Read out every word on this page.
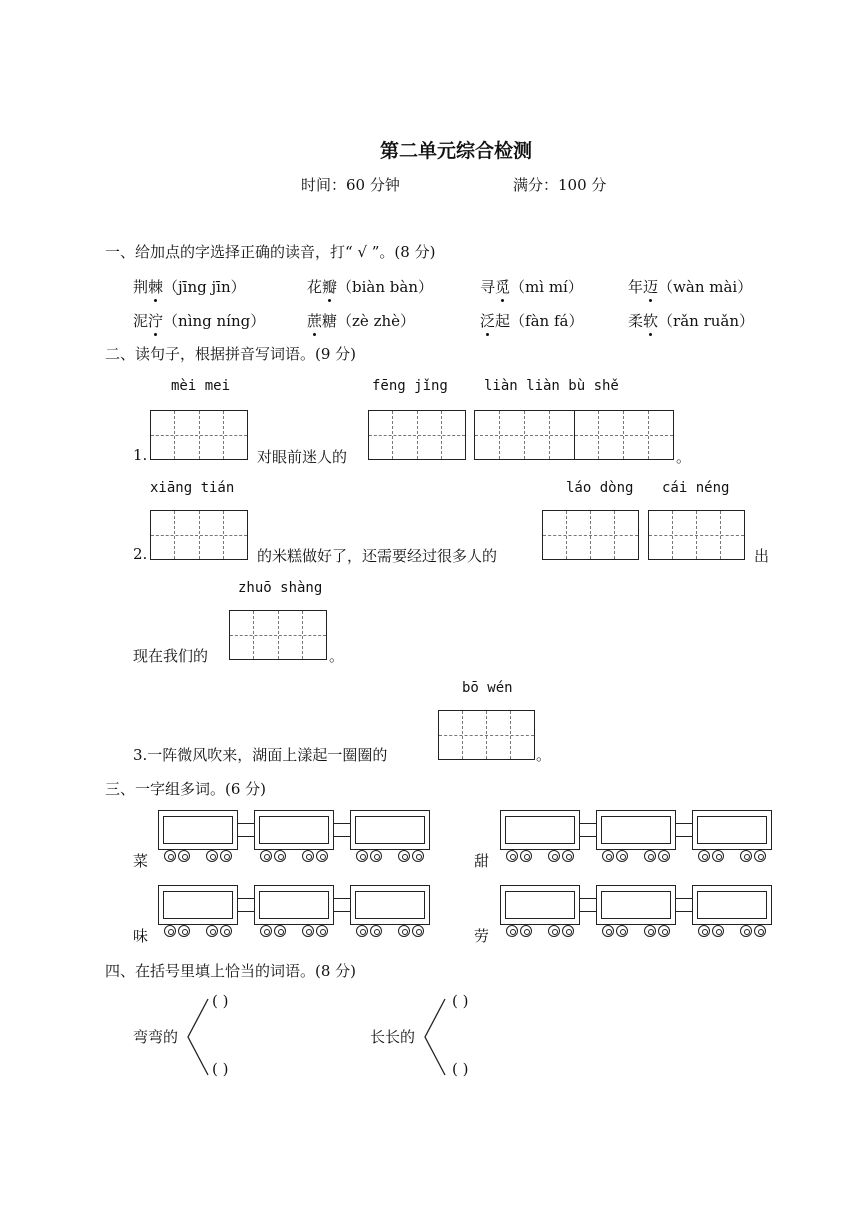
第二单元综合检测
时间：60 分钟	满分：100 分
一、给加点的字选择正确的读音，打“ √ ”。(8 分)
荆棘（jīng jīn）	花瓣（biàn bàn）	寻觅（mì mí）	年迈（wàn mài）
泥泞（nìng níng）	蔗糖（zè zhè）	泛起（fàn fá）	柔软（rǎn ruǎn）
二、读句子，根据拼音写词语。(9 分)
mèi mei	fēng jǐng	liàn liàn bù shě
1.	对眼前迷人的	。
xiāng tián	láo dòng cái néng
2.	的米糕做好了，还需要经过很多人的	出
zhuō shàng
现在我们的	。
bō wén
3.一阵微风吹来，湖面上漾起一圈圈的	。
三、一字组多词。(6 分)
菜	甜
味	劳
四、在括号里填上恰当的词语。(8 分)
弯弯的
( )
( )
长长的
( )
( )
